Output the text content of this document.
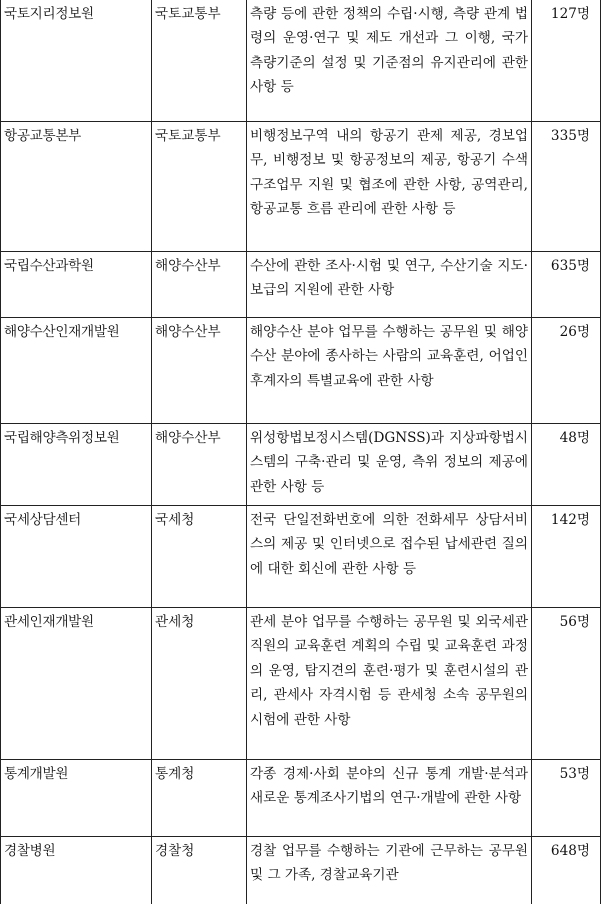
국토지리정보원	국토교통부	측량 등에 관한 정책의 수립·시행, 측량 관계 법령의 운영·연구 및 제도 개선과 그 이행, 국가 측량기준의 설정 및 기준점의 유지관리에 관한 사항 등	127명
항공교통본부	국토교통부	비행정보구역 내의 항공기 관제 제공, 경보업무, 비행정보 및 항공정보의 제공, 항공기 수색구조업무 지원 및 협조에 관한 사항, 공역관리, 항공교통 흐름 관리에 관한 사항 등	335명
국립수산과학원	해양수산부	수산에 관한 조사·시험 및 연구, 수산기술 지도·보급의 지원에 관한 사항	635명
해양수산인재개발원	해양수산부	해양수산 분야 업무를 수행하는 공무원 및 해양수산 분야에 종사하는 사람의 교육훈련, 어업인후계자의 특별교육에 관한 사항	26명
국립해양측위정보원	해양수산부	위성항법보정시스템(DGNSS)과 지상파항법시스템의 구축·관리 및 운영, 측위 정보의 제공에 관한 사항 등	48명
국세상담센터	국세청	전국 단일전화번호에 의한 전화세무 상담서비스의 제공 및 인터넷으로 접수된 납세관련 질의에 대한 회신에 관한 사항 등	142명
관세인재개발원	관세청	관세 분야 업무를 수행하는 공무원 및 외국세관직원의 교육훈련 계획의 수립 및 교육훈련 과정의 운영, 탐지견의 훈련·평가 및 훈련시설의 관리, 관세사 자격시험 등 관세청 소속 공무원의 시험에 관한 사항	56명
통계개발원	통계청	각종 경제·사회 분야의 신규 통계 개발·분석과 새로운 통계조사기법의 연구·개발에 관한 사항	53명
경찰병원	경찰청	경찰 업무를 수행하는 기관에 근무하는 공무원 및 그 가족, 경찰교육기관	648명
